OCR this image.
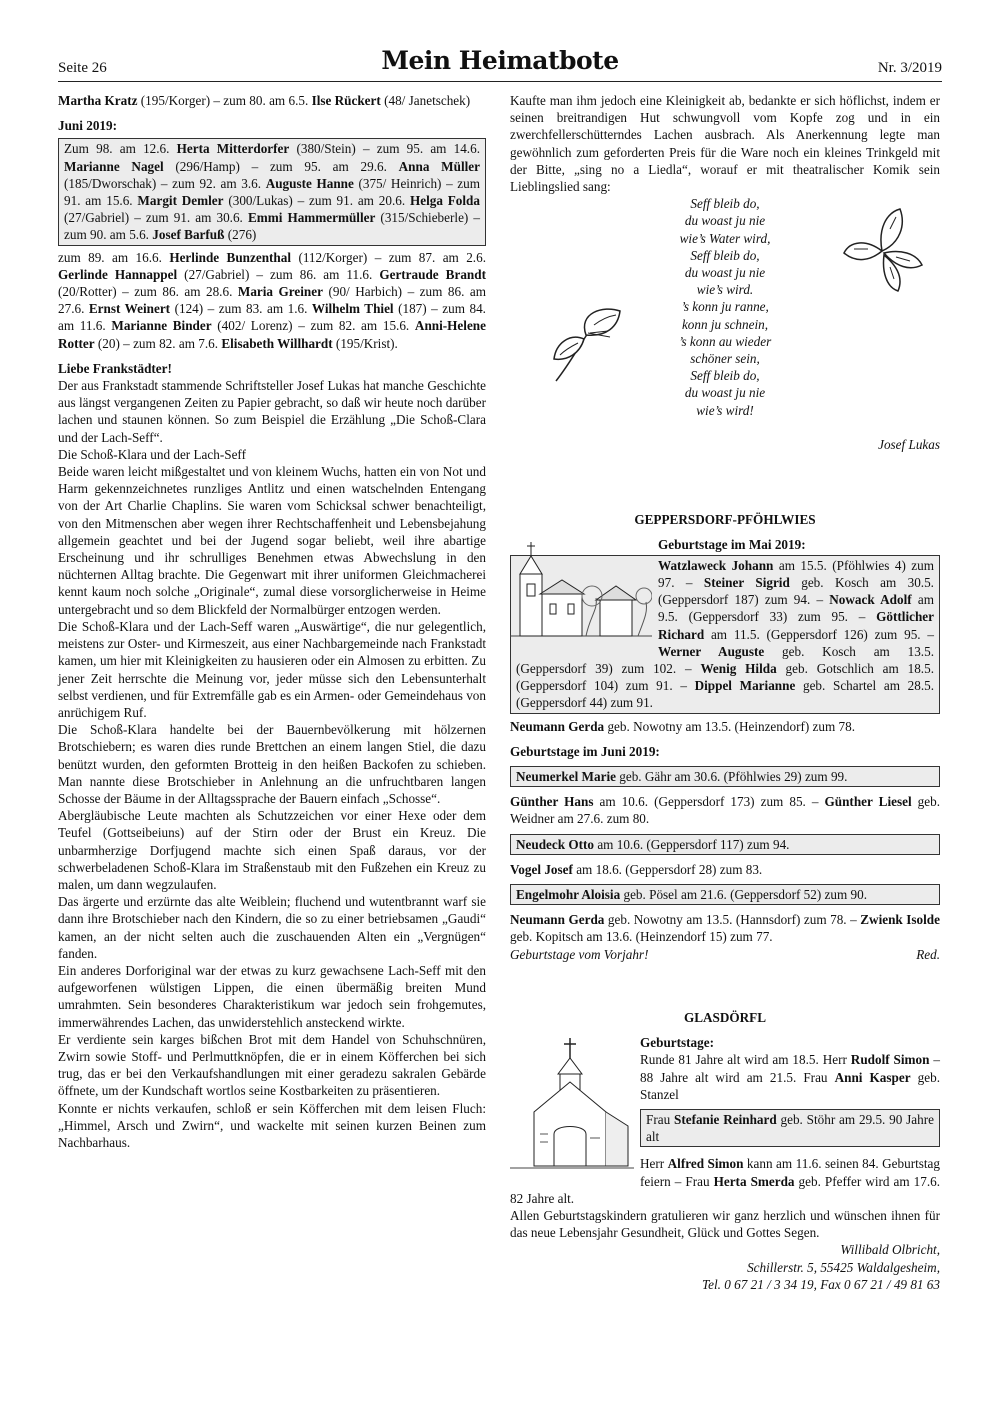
Seite 26	Mein Heimatbote	Nr. 3/2019

Martha Kratz (195/Korger) – zum 80. am 6.5. Ilse Rückert (48/ Janetschek)

Juni 2019:

Zum 98. am 12.6. Herta Mitterdorfer (380/Stein) – zum 95. am 14.6. Marianne Nagel (296/Hamp) – zum 95. am 29.6. Anna Müller (185/Dworschak) – zum 92. am 3.6. Auguste Hanne (375/ Heinrich) – zum 91. am 15.6. Margit Demler (300/Lukas) – zum 91. am 20.6. Helga Folda (27/Gabriel) – zum 91. am 30.6. Emmi Hammermüller (315/Schieberle) – zum 90. am 5.6. Josef Barfuß (276)

zum 89. am 16.6. Herlinde Bunzenthal (112/Korger) – zum 87. am 2.6. Gerlinde Hannappel (27/Gabriel) – zum 86. am 11.6. Gertraude Brandt (20/Rotter) – zum 86. am 28.6. Maria Greiner (90/ Harbich) – zum 86. am 27.6. Ernst Weinert (124) – zum 83. am 1.6. Wilhelm Thiel (187) – zum 84. am 11.6. Marianne Binder (402/ Lorenz) – zum 82. am 15.6. Anni-Helene Rotter (20) – zum 82. am 7.6. Elisabeth Willhardt (195/Krist).

Liebe Frankstädter!

Der aus Frankstadt stammende Schriftsteller Josef Lukas hat manche Geschichte aus längst vergangenen Zeiten zu Papier gebracht, so daß wir heute noch darüber lachen und staunen können. So zum Beispiel die Erzählung „Die Schoß-Clara und der Lach-Seff“.

Die Schoß-Klara und der Lach-Seff

Beide waren leicht mißgestaltet und von kleinem Wuchs, hatten ein von Not und Harm gekennzeichnetes runzliges Antlitz und einen watschelnden Entengang von der Art Charlie Chaplins. Sie waren vom Schicksal schwer benachteiligt, von den Mitmenschen aber wegen ihrer Rechtschaffenheit und Lebensbejahung allgemein geachtet und bei der Jugend sogar beliebt, weil ihre abartige Erscheinung und ihr schrulliges Benehmen etwas Abwechslung in den nüchternen Alltag brachte. Die Gegenwart mit ihrer uniformen Gleichmacherei kennt kaum noch solche „Originale“, zumal diese vorsorglicherweise in Heime untergebracht und so dem Blickfeld der Normalbürger entzogen werden.

Die Schoß-Klara und der Lach-Seff waren „Auswärtige“, die nur gelegentlich, meistens zur Oster- und Kirmeszeit, aus einer Nachbargemeinde nach Frankstadt kamen, um hier mit Kleinigkeiten zu hausieren oder ein Almosen zu erbitten. Zu jener Zeit herrschte die Meinung vor, jeder müsse sich den Lebensunterhalt selbst verdienen, und für Extremfälle gab es ein Armen- oder Gemeindehaus von anrüchigem Ruf.

Die Schoß-Klara handelte bei der Bauernbevölkerung mit hölzernen Brotschiebern; es waren dies runde Brettchen an einem langen Stiel, die dazu benützt wurden, den geformten Brotteig in den heißen Backofen zu schieben. Man nannte diese Brotschieber in Anlehnung an die unfruchtbaren langen Schosse der Bäume in der Alltagssprache der Bauern einfach „Schosse“.

Abergläubische Leute machten als Schutzzeichen vor einer Hexe oder dem Teufel (Gottseibeiuns) auf der Stirn oder der Brust ein Kreuz. Die unbarmherzige Dorfjugend machte sich einen Spaß daraus, vor der schwerbeladenen Schoß-Klara im Straßenstaub mit den Fußzehen ein Kreuz zu malen, um dann wegzulaufen.

Das ärgerte und erzürnte das alte Weiblein; fluchend und wutentbrannt warf sie dann ihre Brotschieber nach den Kindern, die so zu einer betriebsamen „Gaudi“ kamen, an der nicht selten auch die zuschauenden Alten ein „Vergnügen“ fanden.

Ein anderes Dorforiginal war der etwas zu kurz gewachsene Lach-Seff mit den aufgeworfenen wülstigen Lippen, die einen übermäßig breiten Mund umrahmten. Sein besonderes Charakteristikum war jedoch sein frohgemutes, immerwährendes Lachen, das unwiderstehlich ansteckend wirkte.

Er verdiente sein karges bißchen Brot mit dem Handel von Schuhschnüren, Zwirn sowie Stoff- und Perlmuttknöpfen, die er in einem Köfferchen bei sich trug, das er bei den Verkaufshandlungen mit einer geradezu sakralen Gebärde öffnete, um der Kundschaft wortlos seine Kostbarkeiten zu präsentieren.

Konnte er nichts verkaufen, schloß er sein Köfferchen mit dem leisen Fluch: „Himmel, Arsch und Zwirn“, und wackelte mit seinen kurzen Beinen zum Nachbarhaus.

Kaufte man ihm jedoch eine Kleinigkeit ab, bedankte er sich höflichst, indem er seinen breitrandigen Hut schwungvoll vom Kopfe zog und in ein zwerchfellerschütterndes Lachen ausbrach. Als Anerkennung legte man gewöhnlich zum geforderten Preis für die Ware noch ein kleines Trinkgeld mit der Bitte, „sing no a Liedla“, worauf er mit theatralischer Komik sein Lieblingslied sang:

Seff bleib do,
du woast ju nie
wie’s Water wird,
Seff bleib do,
du woast ju nie
wie’s wird.
’s konn ju ranne,
konn ju schnein,
’s konn au wieder
schöner sein,
Seff bleib do,
du woast ju nie
wie’s wird!

Josef Lukas

GEPPERSDORF-PFÖHLWIES

Geburtstage im Mai 2019:

Watzlaweck Johann am 15.5. (Pföhlwies 4) zum 97. – Steiner Sigrid geb. Kosch am 30.5. (Geppersdorf 187) zum 94. – Nowack Adolf am 9.5. (Geppersdorf 33) zum 95. – Göttlicher Richard am 11.5. (Geppersdorf 126) zum 95. – Werner Auguste geb. Kosch am 13.5. (Geppersdorf 39) zum 102. – Wenig Hilda geb. Gotschlich am 18.5. (Geppersdorf 104) zum 91. – Dippel Marianne geb. Schartel am 28.5. (Geppersdorf 44) zum 91.

Neumann Gerda geb. Nowotny am 13.5. (Heinzendorf) zum 78.

Geburtstage im Juni 2019:

Neumerkel Marie geb. Gähr am 30.6. (Pföhlwies 29) zum 99.

Günther Hans am 10.6. (Geppersdorf 173) zum 85. – Günther Liesel geb. Weidner am 27.6. zum 80.

Neudeck Otto am 10.6. (Geppersdorf 117) zum 94.

Vogel Josef am 18.6. (Geppersdorf 28) zum 83.

Engelmohr Aloisia geb. Pösel am 21.6. (Geppersdorf 52) zum 90.

Neumann Gerda geb. Nowotny am 13.5. (Hannsdorf) zum 78. – Zwienk Isolde geb. Kopitsch am 13.6. (Heinzendorf 15) zum 77.

Geburtstage vom Vorjahr!	Red.

GLASDÖRFL

Geburtstage:

Runde 81 Jahre alt wird am 18.5. Herr Rudolf Simon – 88 Jahre alt wird am 21.5. Frau Anni Kasper geb. Stanzel

Frau Stefanie Reinhard geb. Stöhr am 29.5. 90 Jahre alt

Herr Alfred Simon kann am 11.6. seinen 84. Geburtstag feiern – Frau Herta Smerda geb. Pfeffer wird am 17.6. 82 Jahre alt.

Allen Geburtstagskindern gratulieren wir ganz herzlich und wünschen ihnen für das neue Lebensjahr Gesundheit, Glück und Gottes Segen.

Willibald Olbricht,
Schillerstr. 5, 55425 Waldalgesheim,
Tel. 0 67 21 / 3 34 19, Fax 0 67 21 / 49 81 63
